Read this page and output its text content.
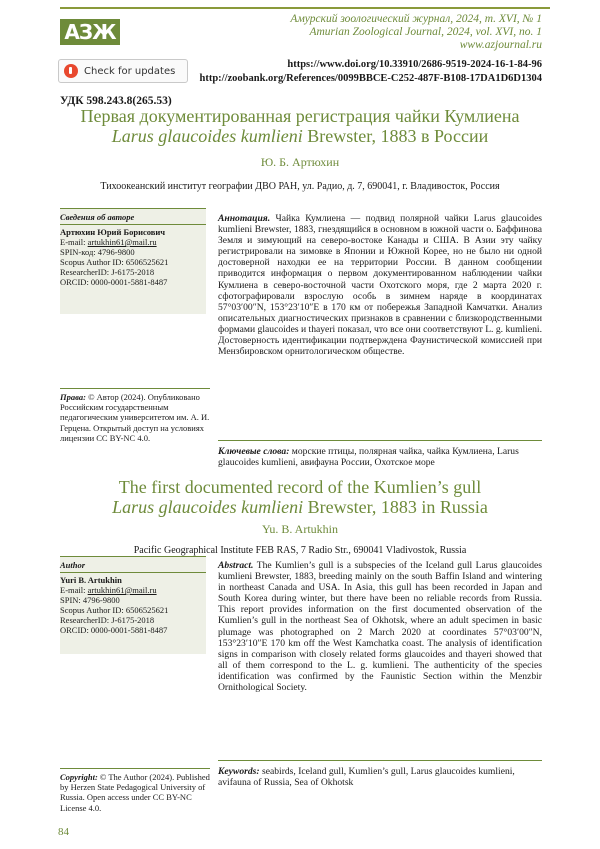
АЗЖ
Амурский зоологический журнал, 2024, т. XVI, № 1
Amurian Zoological Journal, 2024, vol. XVI, no. 1
www.azjournal.ru
Check for updates
https://www.doi.org/10.33910/2686-9519-2024-16-1-84-96
http://zoobank.org/References/0099BBCE-C252-487F-B108-17DA1D6D1304
УДК 598.243.8(265.53)
Первая документированная регистрация чайки Кумлиена
Larus glaucoides kumlieni Brewster, 1883 в России
Ю. Б. Артюхин
Тихоокеанский институт географии ДВО РАН, ул. Радио, д. 7, 690041, г. Владивосток, Россия
Сведения об авторе
Артюхин Юрий Борисович
E-mail: artukhin61@mail.ru
SPIN-код: 4796-9800
Scopus Author ID: 6506525621
ResearcherID: J-6175-2018
ORCID: 0000-0001-5881-8487
Права: © Автор (2024). Опубликовано Российским государственным педагогическим университетом им. А. И. Герцена. Открытый доступ на условиях лицензии CC BY-NC 4.0.
Аннотация. Чайка Кумлиена — подвид полярной чайки Larus glaucoides kumlieni Brewster, 1883, гнездящийся в основном в южной части о. Баффинова Земля и зимующий на северо-востоке Канады и США. В Азии эту чайку регистрировали на зимовке в Японии и Южной Корее, но не было ни одной достоверной находки ее на территории России. В данном сообщении приводится информация о первом документированном наблюдении чайки Кумлиена в северо-восточной части Охотского моря, где 2 марта 2020 г. сфотографировали взрослую особь в зимнем наряде в координатах 57°03′00″N, 153°23′10″E в 170 км от побережья Западной Камчатки. Анализ описательных диагностических признаков в сравнении с близкородственными формами glaucoides и thayeri показал, что все они соответствуют L. g. kumlieni. Достоверность идентификации подтверждена Фаунистической комиссией при Мензбировском орнитологическом обществе.
Ключевые слова: морские птицы, полярная чайка, чайка Кумлиена, Larus glaucoides kumlieni, авифауна России, Охотское море
The first documented record of the Kumlien’s gull
Larus glaucoides kumlieni Brewster, 1883 in Russia
Yu. B. Artukhin
Pacific Geographical Institute FEB RAS, 7 Radio Str., 690041 Vladivostok, Russia
Author
Yuri B. Artukhin
E-mail: artukhin61@mail.ru
SPIN: 4796-9800
Scopus Author ID: 6506525621
ResearcherID: J-6175-2018
ORCID: 0000-0001-5881-8487
Copyright: © The Author (2024). Published by Herzen State Pedagogical University of Russia. Open access under CC BY-NC License 4.0.
Abstract. The Kumlien’s gull is a subspecies of the Iceland gull Larus glaucoides kumlieni Brewster, 1883, breeding mainly on the south Baffin Island and wintering in northeast Canada and USA. In Asia, this gull has been recorded in Japan and South Korea during winter, but there have been no reliable records from Russia. This report provides information on the first documented observation of the Kumlien’s gull in the northeast Sea of Okhotsk, where an adult specimen in basic plumage was photographed on 2 March 2020 at coordinates 57°03′00″N, 153°23′10″E 170 km off the West Kamchatka coast. The analysis of identification signs in comparison with closely related forms glaucoides and thayeri showed that all of them correspond to the L. g. kumlieni. The authenticity of the species identification was confirmed by the Faunistic Section within the Menzbir Ornithological Society.
Keywords: seabirds, Iceland gull, Kumlien’s gull, Larus glaucoides kumlieni, avifauna of Russia, Sea of Okhotsk
84
